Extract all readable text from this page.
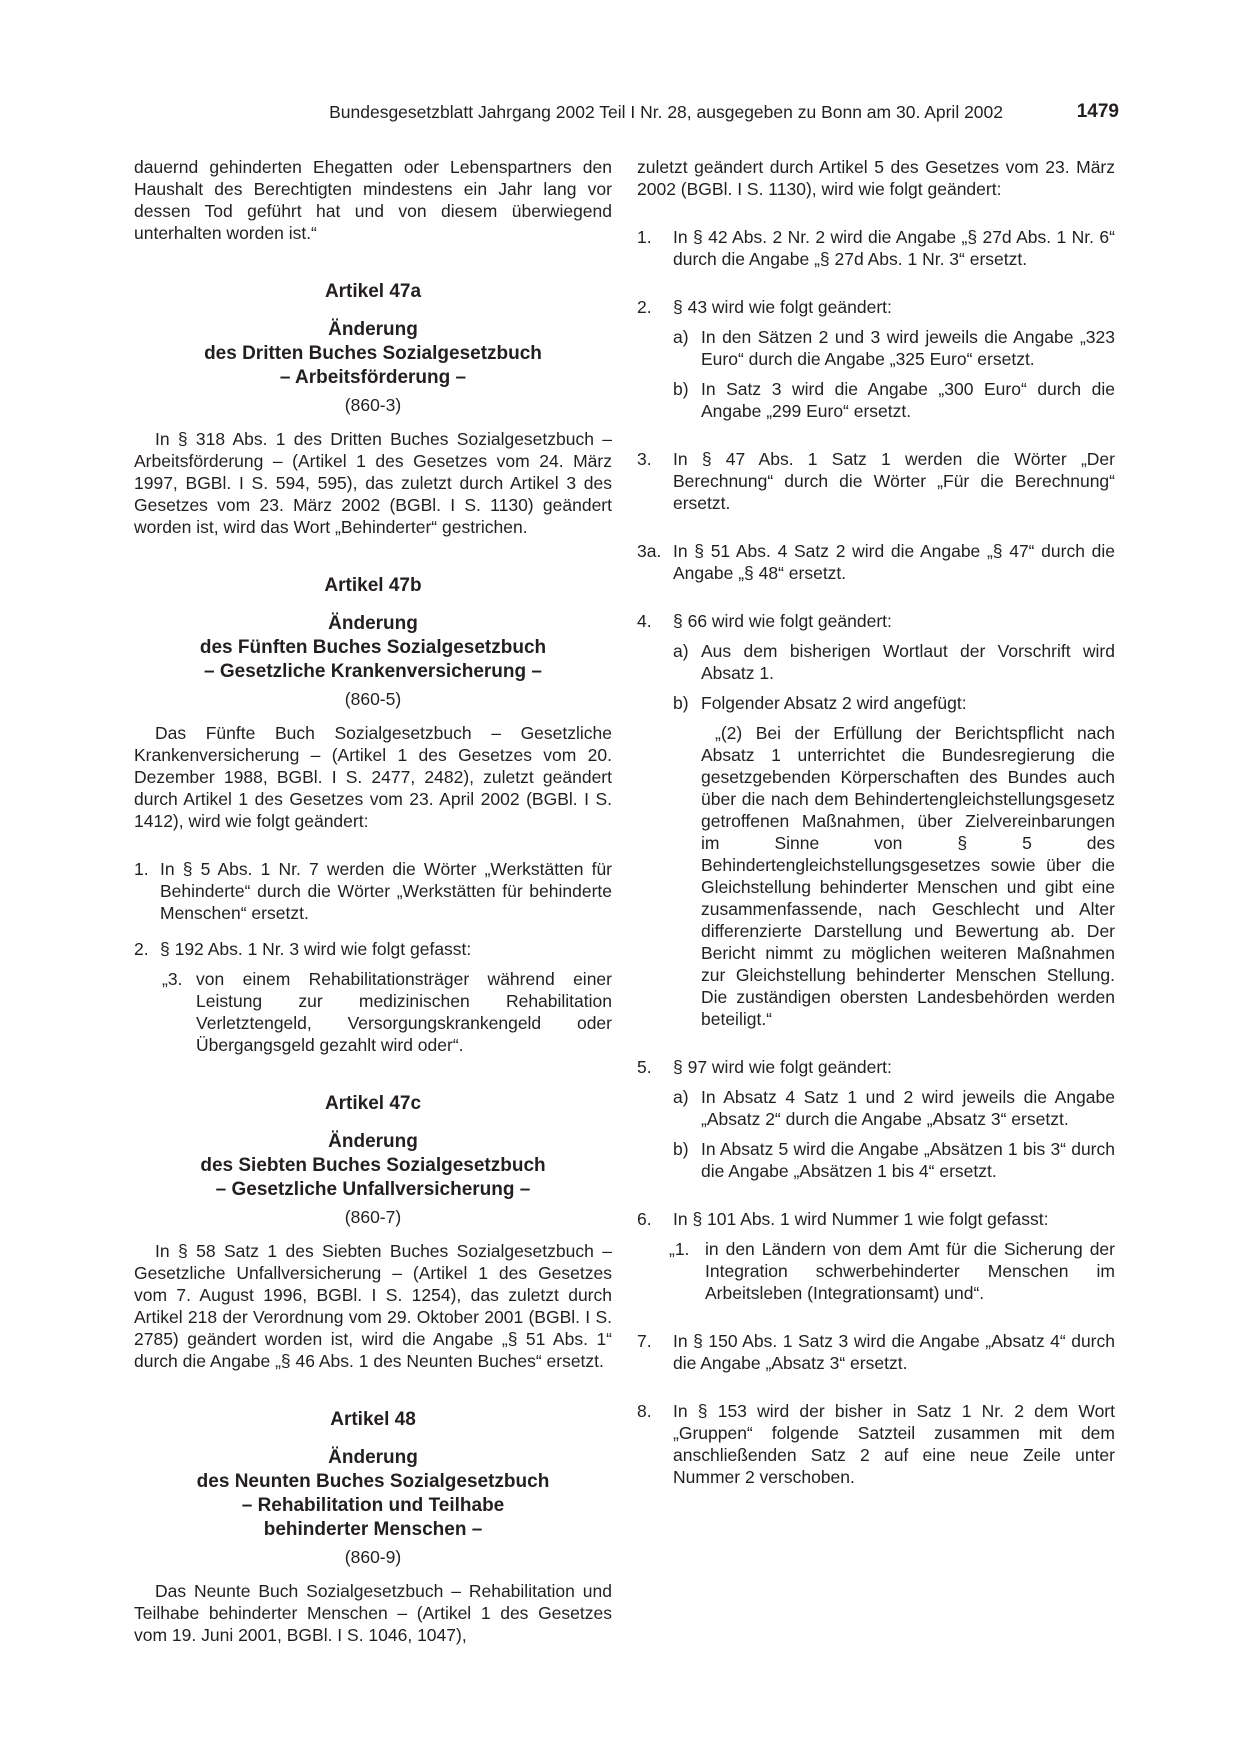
Bundesgesetzblatt Jahrgang 2002 Teil I Nr. 28, ausgegeben zu Bonn am 30. April 2002	1479

dauernd gehinderten Ehegatten oder Lebenspartners den Haushalt des Berechtigten mindestens ein Jahr lang vor dessen Tod geführt hat und von diesem überwiegend unterhalten worden ist.“

Artikel 47a

Änderung

des Dritten Buches Sozialgesetzbuch

– Arbeitsförderung –

(860-3)

In § 318 Abs. 1 des Dritten Buches Sozialgesetzbuch – Arbeitsförderung – (Artikel 1 des Gesetzes vom 24. März 1997, BGBl. I S. 594, 595), das zuletzt durch Artikel 3 des Gesetzes vom 23. März 2002 (BGBl. I S. 1130) geändert worden ist, wird das Wort „Behinderter“ gestrichen.

Artikel 47b

Änderung

des Fünften Buches Sozialgesetzbuch

– Gesetzliche Krankenversicherung –

(860-5)

Das Fünfte Buch Sozialgesetzbuch – Gesetzliche Krankenversicherung – (Artikel 1 des Gesetzes vom 20. Dezember 1988, BGBl. I S. 2477, 2482), zuletzt geändert durch Artikel 1 des Gesetzes vom 23. April 2002 (BGBl. I S. 1412), wird wie folgt geändert:

1. In § 5 Abs. 1 Nr. 7 werden die Wörter „Werkstätten für Behinderte“ durch die Wörter „Werkstätten für behinderte Menschen“ ersetzt.
2. § 192 Abs. 1 Nr. 3 wird wie folgt gefasst:
„3. von einem Rehabilitationsträger während einer Leistung zur medizinischen Rehabilitation Verletztengeld, Versorgungskrankengeld oder Übergangsgeld gezahlt wird oder“.

Artikel 47c

Änderung

des Siebten Buches Sozialgesetzbuch

– Gesetzliche Unfallversicherung –

(860-7)

In § 58 Satz 1 des Siebten Buches Sozialgesetzbuch – Gesetzliche Unfallversicherung – (Artikel 1 des Gesetzes vom 7. August 1996, BGBl. I S. 1254), das zuletzt durch Artikel 218 der Verordnung vom 29. Oktober 2001 (BGBl. I S. 2785) geändert worden ist, wird die Angabe „§ 51 Abs. 1“ durch die Angabe „§ 46 Abs. 1 des Neunten Buches“ ersetzt.

Artikel 48

Änderung

des Neunten Buches Sozialgesetzbuch

– Rehabilitation und Teilhabe

behinderter Menschen –

(860-9)

Das Neunte Buch Sozialgesetzbuch – Rehabilitation und Teilhabe behinderter Menschen – (Artikel 1 des Gesetzes vom 19. Juni 2001, BGBl. I S. 1046, 1047),

zuletzt geändert durch Artikel 5 des Gesetzes vom 23. März 2002 (BGBl. I S. 1130), wird wie folgt geändert:

1. In § 42 Abs. 2 Nr. 2 wird die Angabe „§ 27d Abs. 1 Nr. 6“ durch die Angabe „§ 27d Abs. 1 Nr. 3“ ersetzt.
2. § 43 wird wie folgt geändert:
a) In den Sätzen 2 und 3 wird jeweils die Angabe „323 Euro“ durch die Angabe „325 Euro“ ersetzt.
b) In Satz 3 wird die Angabe „300 Euro“ durch die Angabe „299 Euro“ ersetzt.
3. In § 47 Abs. 1 Satz 1 werden die Wörter „Der Berechnung“ durch die Wörter „Für die Berechnung“ ersetzt.
3a. In § 51 Abs. 4 Satz 2 wird die Angabe „§ 47“ durch die Angabe „§ 48“ ersetzt.
4. § 66 wird wie folgt geändert:
a) Aus dem bisherigen Wortlaut der Vorschrift wird Absatz 1.
b) Folgender Absatz 2 wird angefügt:

„(2) Bei der Erfüllung der Berichtspflicht nach Absatz 1 unterrichtet die Bundesregierung die gesetzgebenden Körperschaften des Bundes auch über die nach dem Behindertengleichstellungsgesetz getroffenen Maßnahmen, über Zielvereinbarungen im Sinne von § 5 des Behindertengleichstellungsgesetzes sowie über die Gleichstellung behinderter Menschen und gibt eine zusammenfassende, nach Geschlecht und Alter differenzierte Darstellung und Bewertung ab. Der Bericht nimmt zu möglichen weiteren Maßnahmen zur Gleichstellung behinderter Menschen Stellung. Die zuständigen obersten Landesbehörden werden beteiligt.“

5. § 97 wird wie folgt geändert:
a) In Absatz 4 Satz 1 und 2 wird jeweils die Angabe „Absatz 2“ durch die Angabe „Absatz 3“ ersetzt.
b) In Absatz 5 wird die Angabe „Absätzen 1 bis 3“ durch die Angabe „Absätzen 1 bis 4“ ersetzt.
6. In § 101 Abs. 1 wird Nummer 1 wie folgt gefasst:
„1. in den Ländern von dem Amt für die Sicherung der Integration schwerbehinderter Menschen im Arbeitsleben (Integrationsamt) und“.
7. In § 150 Abs. 1 Satz 3 wird die Angabe „Absatz 4“ durch die Angabe „Absatz 3“ ersetzt.
8. In § 153 wird der bisher in Satz 1 Nr. 2 dem Wort „Gruppen“ folgende Satzteil zusammen mit dem anschließenden Satz 2 auf eine neue Zeile unter Nummer 2 verschoben.
